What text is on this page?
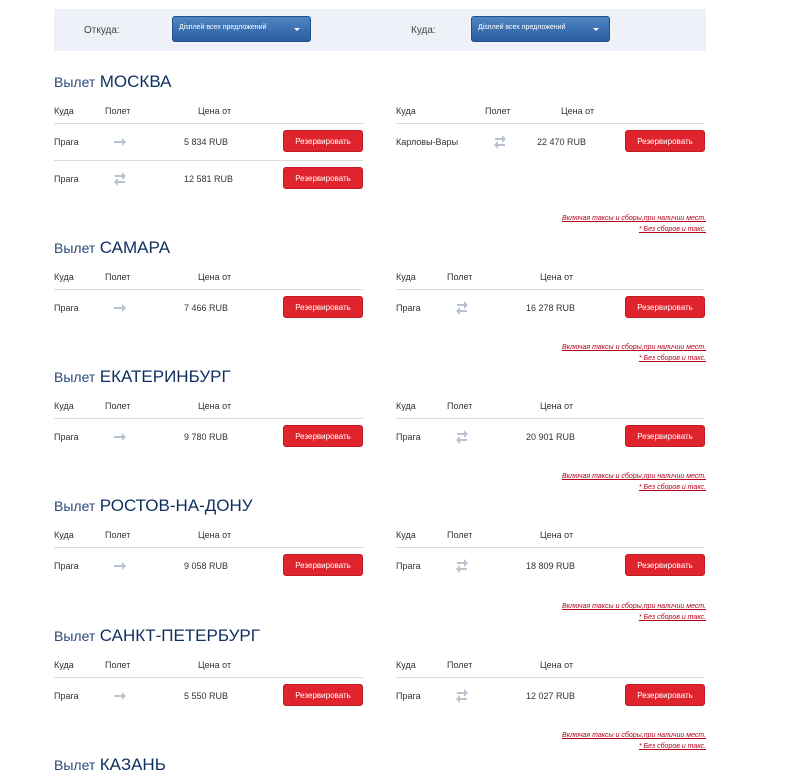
Откуда:	Дisплей всех предложений	Куда:	Дisплей всех предложений
Вылет МОСКВА
Куда	Полет	Цена от
Прага	5 834 RUB	Резервировать
Прага	12 581 RUB	Резервировать
Куда	Полет	Цена от
Карловы-Вары	22 470 RUB	Резервировать
Включая таксы и сборы,при наличии мест.
* Без сборов и такс.
Вылет САМАРА
Куда	Полет	Цена от
Прага	7 466 RUB	Резервировать
Куда	Полет	Цена от
Прага	16 278 RUB	Резервировать
Включая таксы и сборы,при наличии мест.
* Без сборов и такс.
Вылет ЕКАТЕРИНБУРГ
Куда	Полет	Цена от
Прага	9 780 RUB	Резервировать
Куда	Полет	Цена от
Прага	20 901 RUB	Резервировать
Включая таксы и сборы,при наличии мест.
* Без сборов и такс.
Вылет РОСТОВ-НА-ДОНУ
Куда	Полет	Цена от
Прага	9 058 RUB	Резервировать
Куда	Полет	Цена от
Прага	18 809 RUB	Резервировать
Включая таксы и сборы,при наличии мест.
* Без сборов и такс.
Вылет САНКТ-ПЕТЕРБУРГ
Куда	Полет	Цена от
Прага	5 550 RUB	Резервировать
Куда	Полет	Цена от
Прага	12 027 RUB	Резервировать
Включая таксы и сборы,при наличии мест.
* Без сборов и такс.
Вылет КАЗАНЬ
